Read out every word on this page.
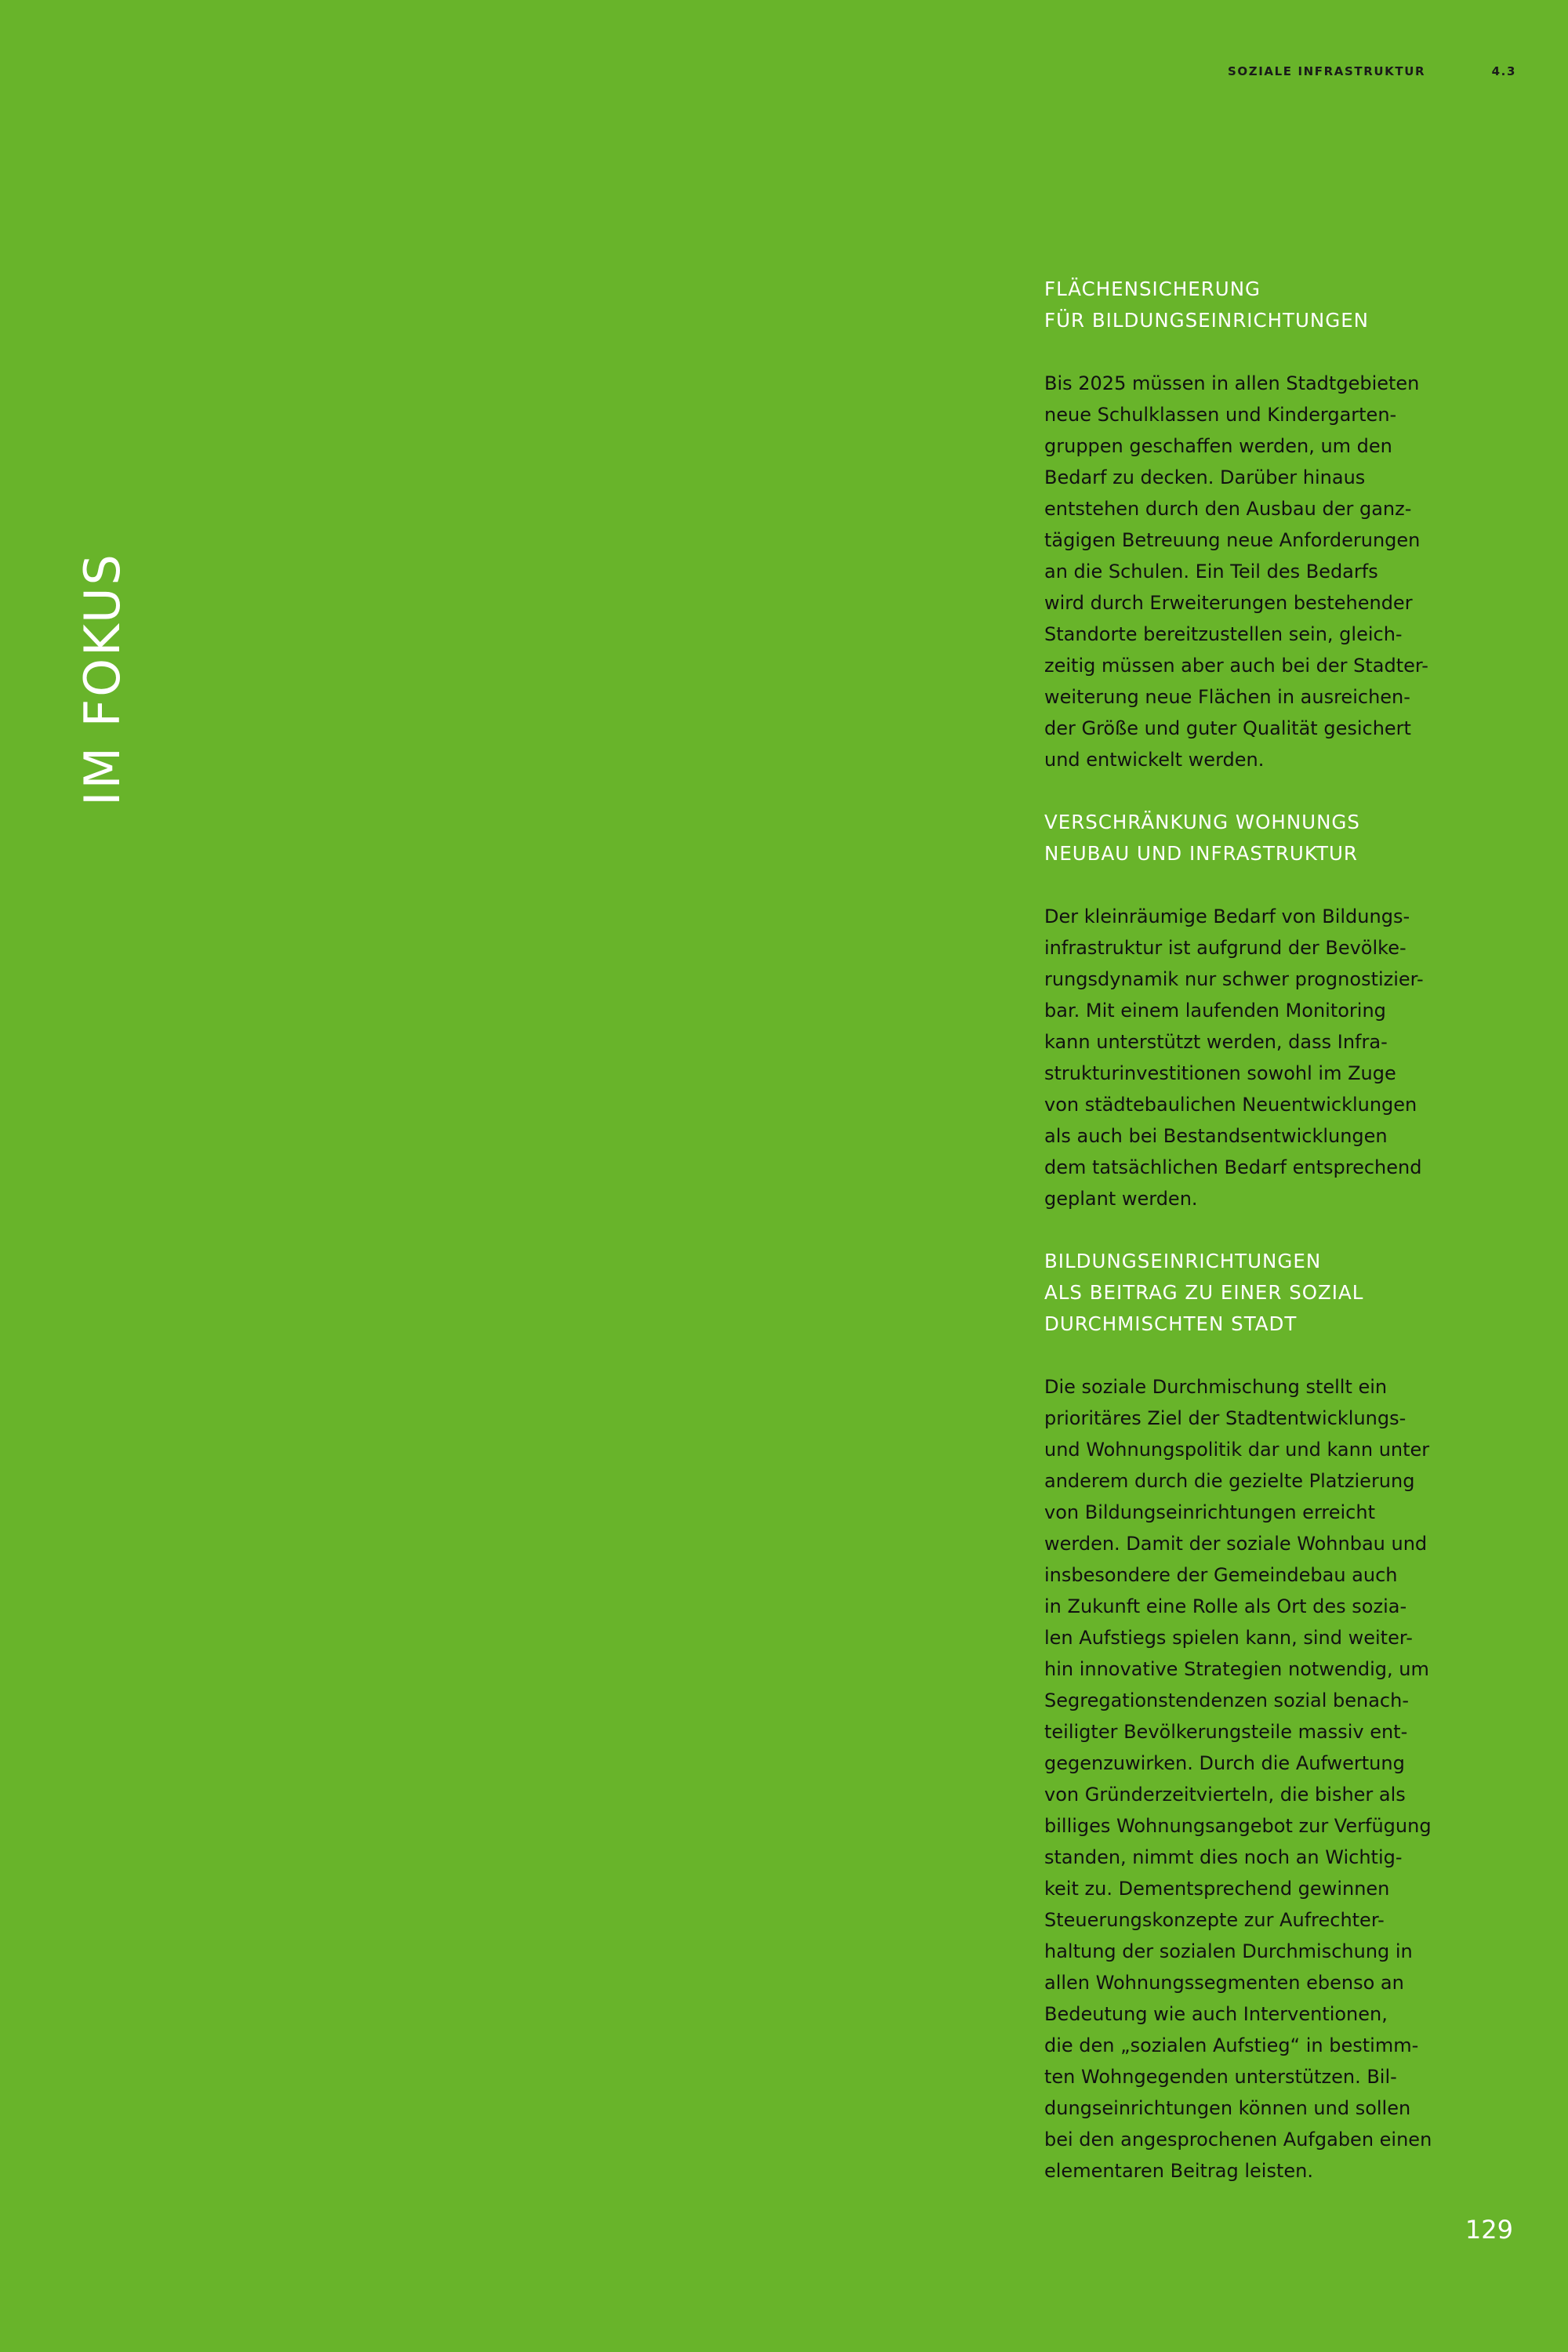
SOZIALE INFRASTRUKTUR	4.3
IM FOKUS
FLÄCHENSICHERUNG
FÜR BILDUNGSEINRICHTUNGEN
Bis 2025 müssen in allen Stadtgebieten
neue Schulklassen und Kindergarten-
gruppen geschaffen werden, um den
Bedarf zu decken. Darüber hinaus
entstehen durch den Ausbau der ganz-
tägigen Betreuung neue Anforderungen
an die Schulen. Ein Teil des Bedarfs
wird durch Erweiterungen bestehender
Standorte bereitzustellen sein, gleich-
zeitig müssen aber auch bei der Stadter-
weiterung neue Flächen in ausreichen-
der Größe und guter Qualität gesichert
und entwickelt werden.
VERSCHRÄNKUNG WOHNUNGS
NEUBAU UND INFRASTRUKTUR
Der kleinräumige Bedarf von Bildungs-
infrastruktur ist aufgrund der Bevölke-
rungsdynamik nur schwer prognostizier-
bar. Mit einem laufenden Monitoring
kann unterstützt werden, dass Infra-
strukturinvestitionen sowohl im Zuge
von städtebaulichen Neuentwicklungen
als auch bei Bestandsentwicklungen
dem tatsächlichen Bedarf entsprechend
geplant werden.
BILDUNGSEINRICHTUNGEN
ALS BEITRAG ZU EINER SOZIAL
DURCHMISCHTEN STADT
Die soziale Durchmischung stellt ein
prioritäres Ziel der Stadtentwicklungs-
und Wohnungspolitik dar und kann unter
anderem durch die gezielte Platzierung
von Bildungseinrichtungen erreicht
werden. Damit der soziale Wohnbau und
insbesondere der Gemeindebau auch
in Zukunft eine Rolle als Ort des sozia-
len Aufstiegs spielen kann, sind weiter-
hin innovative Strategien notwendig, um
Segregationstendenzen sozial benach-
teiligter Bevölkerungsteile massiv ent-
gegenzuwirken. Durch die Aufwertung
von Gründerzeitvierteln, die bisher als
billiges Wohnungsangebot zur Verfügung
standen, nimmt dies noch an Wichtig-
keit zu. Dementsprechend gewinnen
Steuerungskonzepte zur Aufrechter-
haltung der sozialen Durchmischung in
allen Wohnungssegmenten ebenso an
Bedeutung wie auch Interventionen,
die den „sozialen Aufstieg“ in bestimm-
ten Wohngegenden unterstützen. Bil-
dungseinrichtungen können und sollen
bei den angesprochenen Aufgaben einen
elementaren Beitrag leisten.
129
